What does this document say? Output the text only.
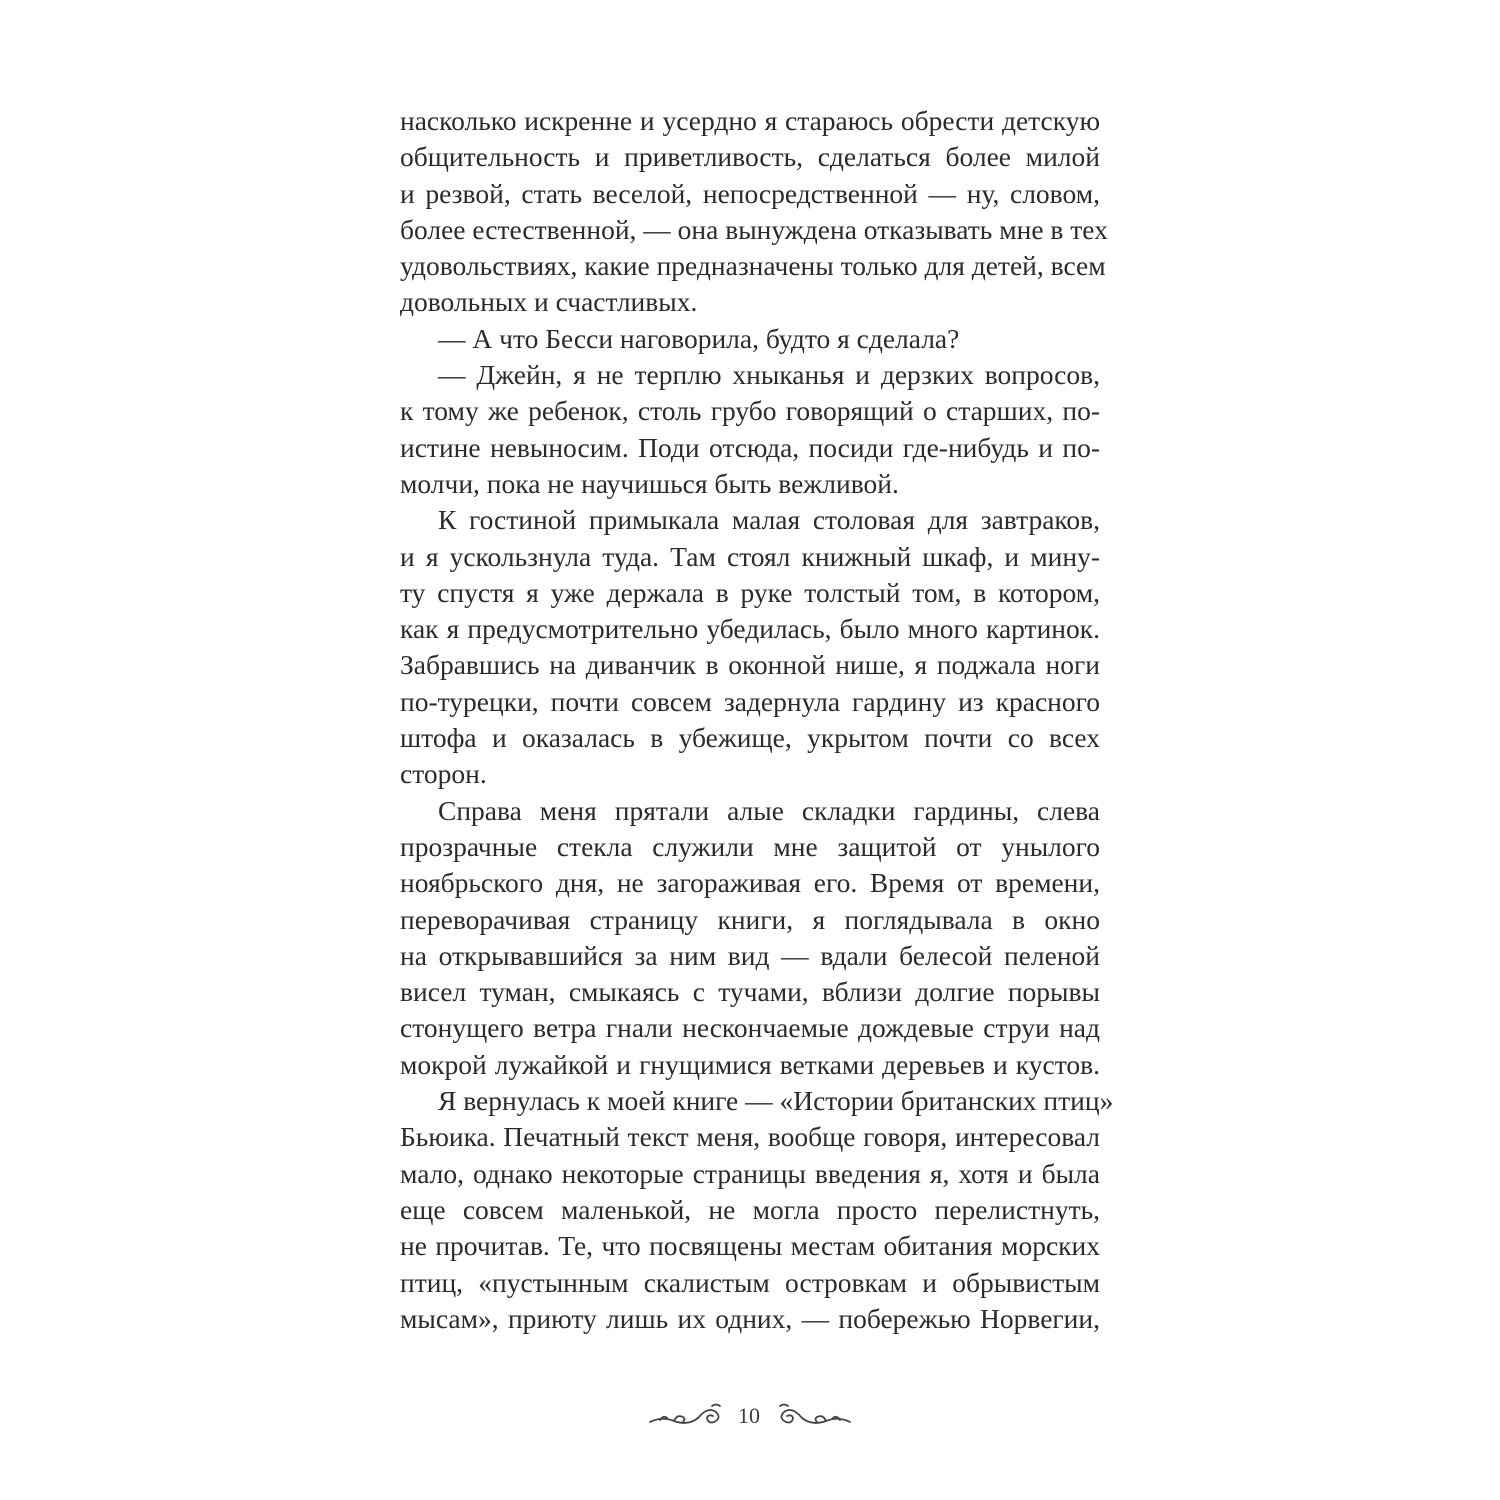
насколько искренне и усердно я стараюсь обрести детскую
общительность и приветливость, сделаться более милой
и резвой, стать веселой, непосредственной — ну, словом,
более естественной, — она вынуждена отказывать мне в тех
удовольствиях, какие предназначены только для детей, всем
довольных и счастливых.
— А что Бесси наговорила, будто я сделала?
— Джейн, я не терплю хныканья и дерзких вопросов,
к тому же ребенок, столь грубо говорящий о старших, по-
истине невыносим. Поди отсюда, посиди где-нибудь и по-
молчи, пока не научишься быть вежливой.
К гостиной примыкала малая столовая для завтраков,
и я ускользнула туда. Там стоял книжный шкаф, и мину-
ту спустя я уже держала в руке толстый том, в котором,
как я предусмотрительно убедилась, было много картинок.
Забравшись на диванчик в оконной нише, я поджала ноги
по-турецки, почти совсем задернула гардину из красного
штофа и оказалась в убежище, укрытом почти со всех
сторон.
Справа меня прятали алые складки гардины, слева
прозрачные стекла служили мне защитой от унылого
ноябрьского дня, не загораживая его. Время от времени,
переворачивая страницу книги, я поглядывала в окно
на открывавшийся за ним вид — вдали белесой пеленой
висел туман, смыкаясь с тучами, вблизи долгие порывы
стонущего ветра гнали нескончаемые дождевые струи над
мокрой лужайкой и гнущимися ветками деревьев и кустов.
Я вернулась к моей книге — «Истории британских птиц»
Бьюика. Печатный текст меня, вообще говоря, интересовал
мало, однако некоторые страницы введения я, хотя и была
еще совсем маленькой, не могла просто перелистнуть,
не прочитав. Те, что посвящены местам обитания морских
птиц, «пустынным скалистым островкам и обрывистым
мысам», приюту лишь их одних, — побережью Норвегии,
10
